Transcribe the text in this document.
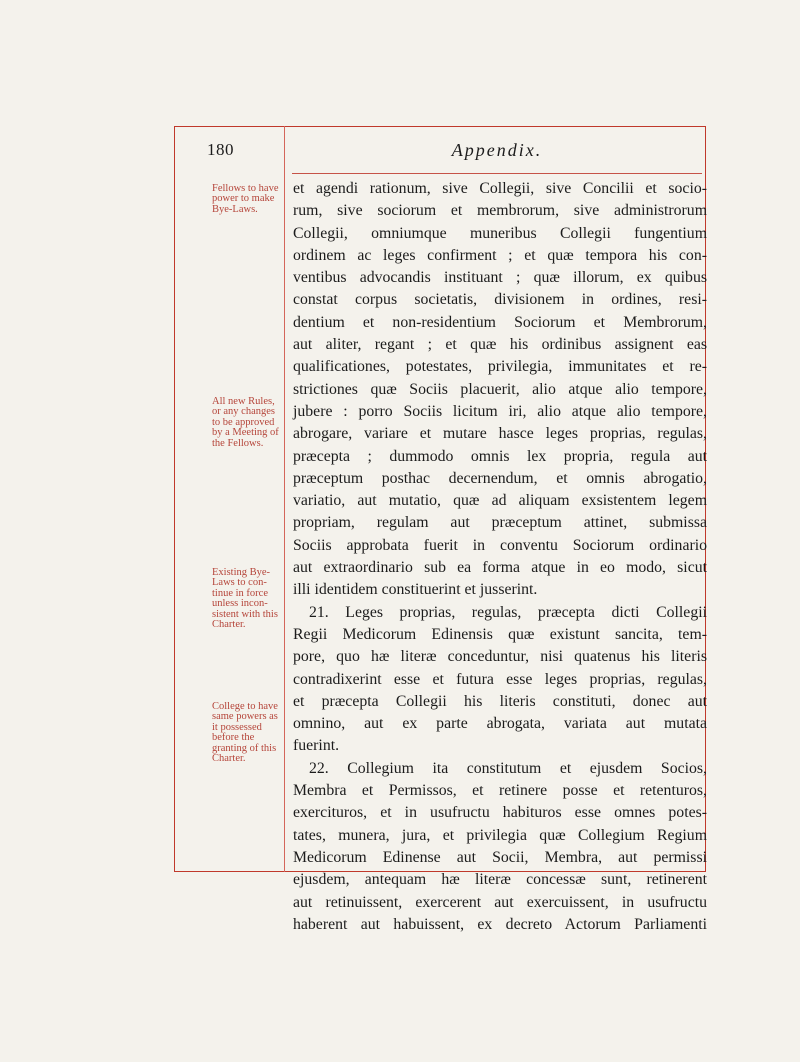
180	Appendix.
Fellows to have
power to make
Bye-Laws.
All new Rules,
or any changes
to be approved
by a Meeting of
the Fellows.
Existing Bye-
Laws to con-
tinue in force
unless incon-
sistent with this
Charter.
College to have
same powers as
it possessed
before the
granting of this
Charter.
et agendi rationum, sive Collegii, sive Concilii et socio-
rum, sive sociorum et membrorum, sive administrorum
Collegii, omniumque muneribus Collegii fungentium
ordinem ac leges confirment ; et quæ tempora his con-
ventibus advocandis instituant ; quæ illorum, ex quibus
constat corpus societatis, divisionem in ordines, resi-
dentium et non-residentium Sociorum et Membrorum,
aut aliter, regant ; et quæ his ordinibus assignent eas
qualificationes, potestates, privilegia, immunitates et re-
strictiones quæ Sociis placuerit, alio atque alio tempore,
jubere : porro Sociis licitum iri, alio atque alio tempore,
abrogare, variare et mutare hasce leges proprias, regulas,
præcepta ; dummodo omnis lex propria, regula aut
præceptum posthac decernendum, et omnis abrogatio,
variatio, aut mutatio, quæ ad aliquam exsistentem legem
propriam, regulam aut præceptum attinet, submissa
Sociis approbata fuerit in conventu Sociorum ordinario
aut extraordinario sub ea forma atque in eo modo, sicut
illi identidem constituerint et jusserint.
21. Leges proprias, regulas, præcepta dicti Collegii
Regii Medicorum Edinensis quæ existunt sancita, tem-
pore, quo hæ literæ conceduntur, nisi quatenus his literis
contradixerint esse et futura esse leges proprias, regulas,
et præcepta Collegii his literis constituti, donec aut
omnino, aut ex parte abrogata, variata aut mutata
fuerint.
22. Collegium ita constitutum et ejusdem Socios,
Membra et Permissos, et retinere posse et retenturos,
exercituros, et in usufructu habituros esse omnes potes-
tates, munera, jura, et privilegia quæ Collegium Regium
Medicorum Edinense aut Socii, Membra, aut permissi
ejusdem, antequam hæ literæ concessæ sunt, retinerent
aut retinuissent, exercerent aut exercuissent, in usufructu
haberent aut habuissent, ex decreto Actorum Parliamenti
